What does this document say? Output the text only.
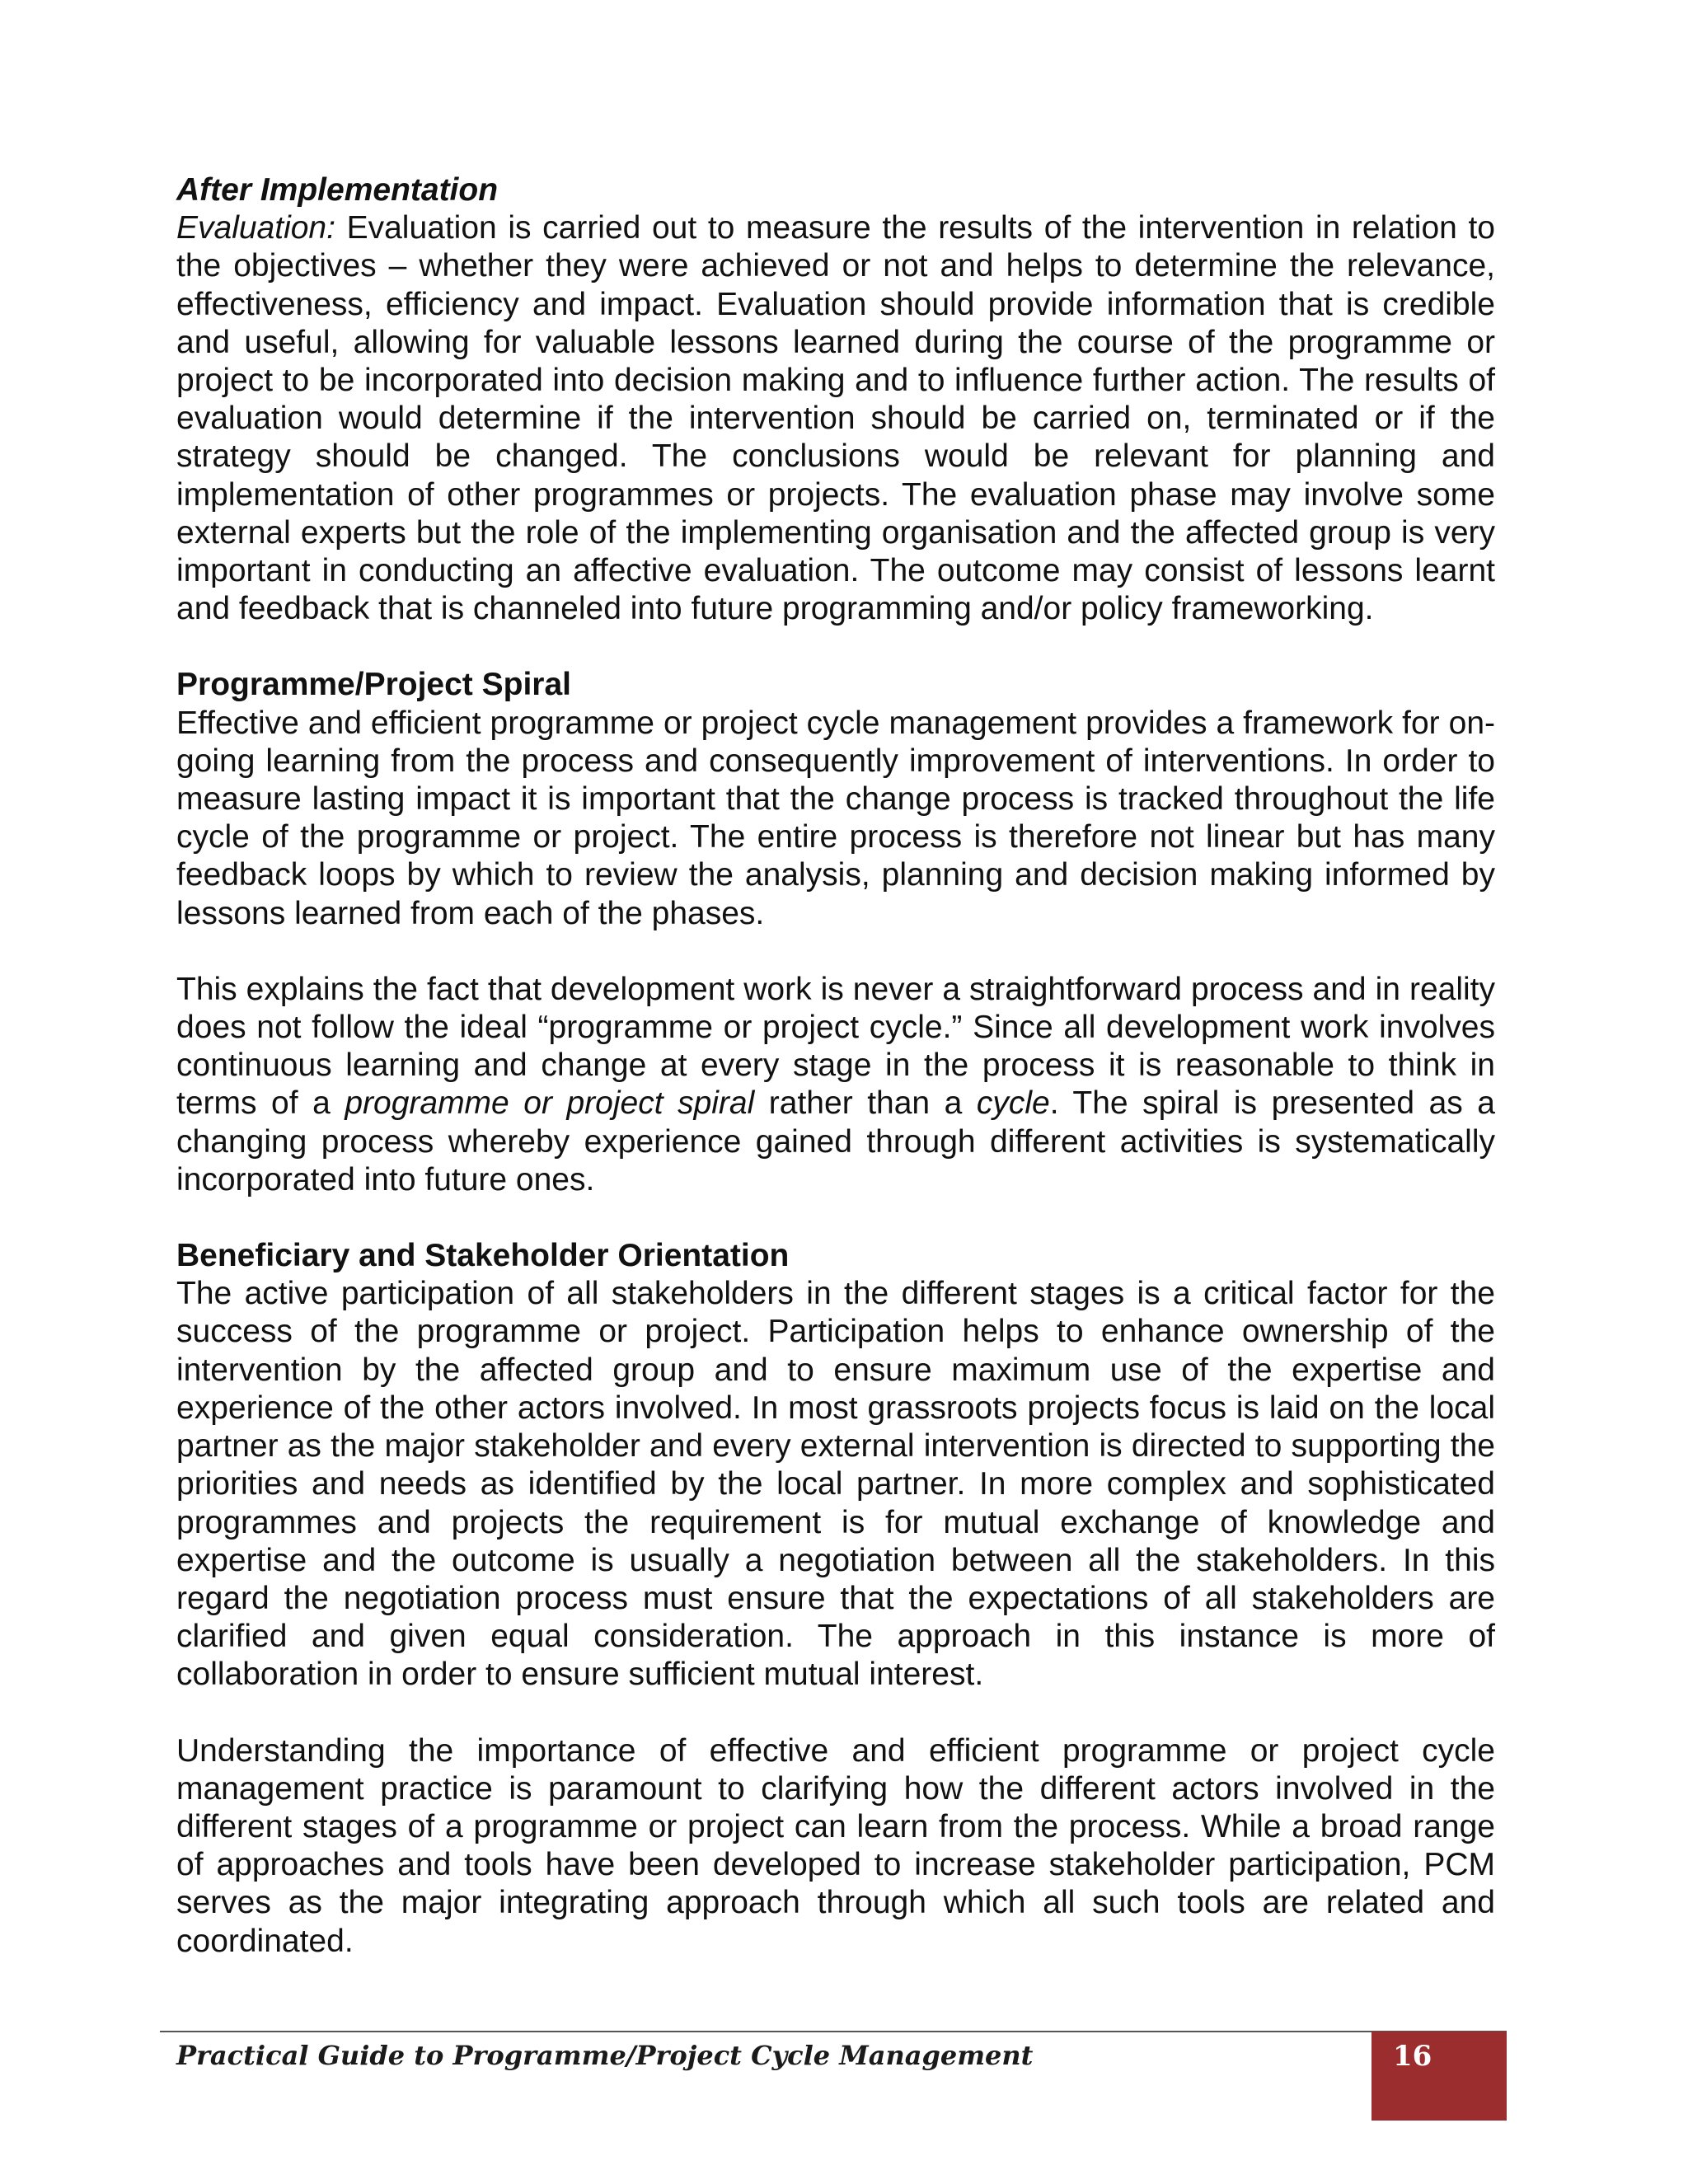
After Implementation

Evaluation: Evaluation is carried out to measure the results of the intervention in relation to the objectives – whether they were achieved or not and helps to determine the relevance, effectiveness, efficiency and impact. Evaluation should provide information that is credible and useful, allowing for valuable lessons learned during the course of the programme or project to be incorporated into decision making and to influence further action. The results of evaluation would determine if the intervention should be carried on, terminated or if the strategy should be changed. The conclusions would be relevant for planning and implementation of other programmes or projects. The evaluation phase may involve some external experts but the role of the implementing organisation and the affected group is very important in conducting an affective evaluation. The outcome may consist of lessons learnt and feedback that is channeled into future programming and/or policy frameworking.

Programme/Project Spiral

Effective and efficient programme or project cycle management provides a framework for on-going learning from the process and consequently improvement of interventions. In order to measure lasting impact it is important that the change process is tracked throughout the life cycle of the programme or project. The entire process is therefore not linear but has many feedback loops by which to review the analysis, planning and decision making informed by lessons learned from each of the phases.

This explains the fact that development work is never a straightforward process and in reality does not follow the ideal “programme or project cycle.” Since all development work involves continuous learning and change at every stage in the process it is reasonable to think in terms of a programme or project spiral rather than a cycle. The spiral is presented as a changing process whereby experience gained through different activities is systematically incorporated into future ones.

Beneficiary and Stakeholder Orientation

The active participation of all stakeholders in the different stages is a critical factor for the success of the programme or project. Participation helps to enhance ownership of the intervention by the affected group and to ensure maximum use of the expertise and experience of the other actors involved. In most grassroots projects focus is laid on the local partner as the major stakeholder and every external intervention is directed to supporting the priorities and needs as identified by the local partner. In more complex and sophisticated programmes and projects the requirement is for mutual exchange of knowledge and expertise and the outcome is usually a negotiation between all the stakeholders. In this regard the negotiation process must ensure that the expectations of all stakeholders are clarified and given equal consideration. The approach in this instance is more of collaboration in order to ensure sufficient mutual interest.

Understanding the importance of effective and efficient programme or project cycle management practice is paramount to clarifying how the different actors involved in the different stages of a programme or project can learn from the process. While a broad range of approaches and tools have been developed to increase stakeholder participation, PCM serves as the major integrating approach through which all such tools are related and coordinated.

Practical Guide to Programme/Project Cycle Management	16
